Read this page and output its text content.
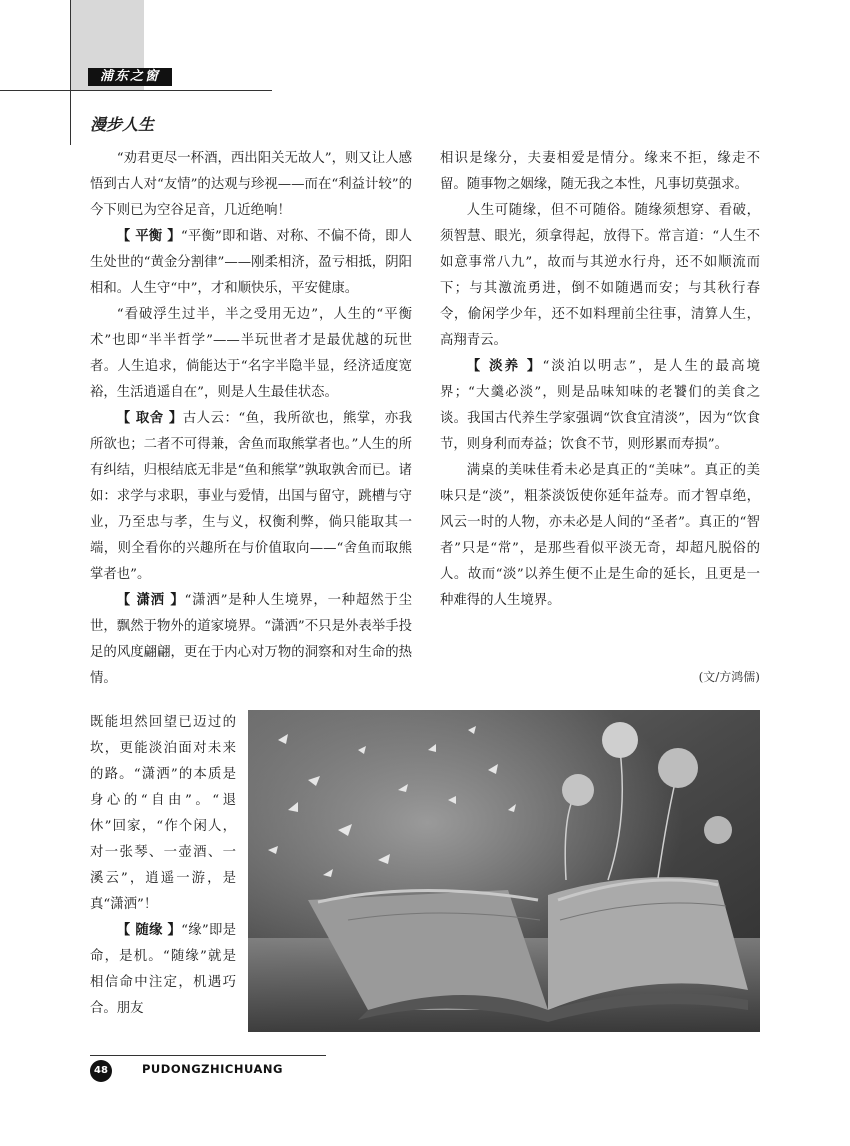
浦东之窗
漫步人生

“劝君更尽一杯酒，西出阳关无故人”，则又让人感悟到古人对“友情”的达观与珍视——而在“利益计较”的今下则已为空谷足音，几近绝响！

【 平衡 】“平衡”即和谐、对称、不偏不倚，即人生处世的“黄金分割律”——刚柔相济，盈亏相抵，阴阳相和。人生守“中”，才和顺快乐，平安健康。

“看破浮生过半，半之受用无边”，人生的“平衡术”也即“半半哲学”——半玩世者才是最优越的玩世者。人生追求，倘能达于“名字半隐半显，经济适度宽裕，生活逍遥自在”，则是人生最佳状态。

【 取舍 】古人云：“鱼，我所欲也，熊掌，亦我所欲也；二者不可得兼，舍鱼而取熊掌者也。”人生的所有纠结，归根结底无非是“鱼和熊掌”孰取孰舍而已。诸如：求学与求职，事业与爱情，出国与留守，跳槽与守业，乃至忠与孝，生与义，权衡利弊，倘只能取其一端，则全看你的兴趣所在与价值取向——“舍鱼而取熊掌者也”。

【 潇洒 】“潇洒”是种人生境界，一种超然于尘世，飘然于物外的道家境界。“潇洒”不只是外表举手投足的风度翩翩，更在于内心对万物的洞察和对生命的热情。

既能坦然回望已迈过的坎，更能淡泊面对未来的路。“潇洒”的本质是身心的“自由”。“退休”回家，“作个闲人，对一张琴、一壶酒、一溪云”，逍遥一游，是真“潇洒”！

【 随缘 】“缘”即是命，是机。“随缘”就是相信命中注定，机遇巧合。朋友

相识是缘分，夫妻相爱是情分。缘来不拒，缘走不留。随事物之姻缘，随无我之本性，凡事切莫强求。

人生可随缘，但不可随俗。随缘须想穿、看破，须智慧、眼光，须拿得起，放得下。常言道：“人生不如意事常八九”，故而与其逆水行舟，还不如顺流而下；与其激流勇进，倒不如随遇而安；与其秋行春令，偷闲学少年，还不如料理前尘往事，清算人生，高翔青云。

【 淡养 】“淡泊以明志”，是人生的最高境界；“大羹必淡”，则是品味知味的老饕们的美食之谈。我国古代养生学家强调“饮食宜清淡”，因为“饮食节，则身利而寿益；饮食不节，则形累而寿损”。

满桌的美味佳肴未必是真正的“美味”。真正的美味只是“淡”，粗茶淡饭使你延年益寿。而才智卓绝，风云一时的人物，亦未必是人间的“圣者”。真正的“智者”只是“常”，是那些看似平淡无奇，却超凡脱俗的人。故而“淡”以养生便不止是生命的延长，且更是一种难得的人生境界。

(文/方鸿儒)
48	PUDONGZHICHUANG
